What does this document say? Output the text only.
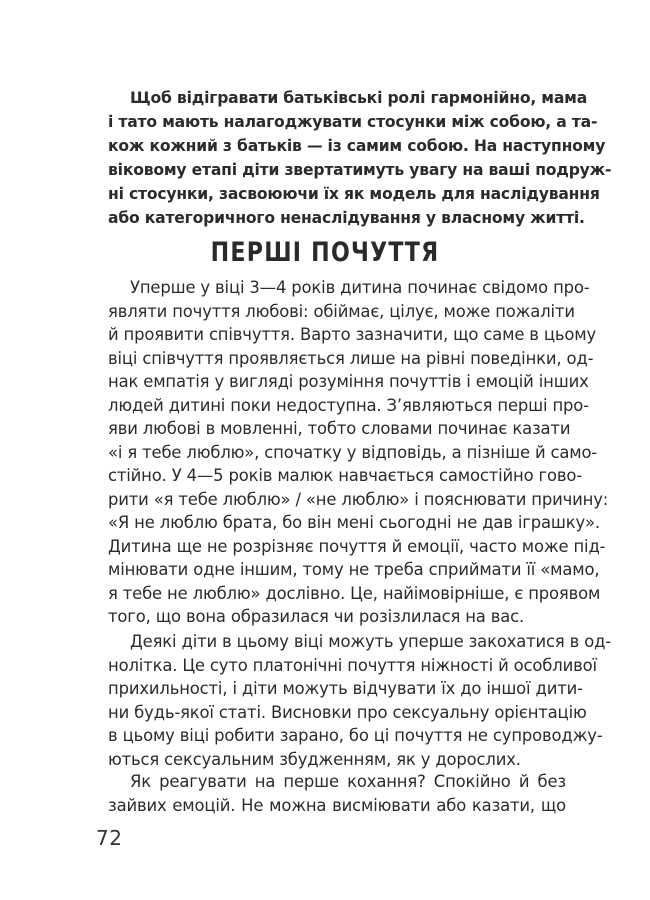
Щоб відігравати батьківські ролі гармонійно, мама
і тато мають налагоджувати стосунки між собою, а та-
кож кожний з батьків — із самим собою. На наступному
віковому етапі діти звертатимуть увагу на ваші подруж-
ні стосунки, засвоюючи їх як модель для наслідування
або категоричного ненаслідування у власному житті.
ПЕРШІ ПОЧУТТЯ
Уперше у віці 3—4 років дитина починає свідомо про-
являти почуття любові: обіймає, цілує, може пожаліти
й проявити співчуття. Варто зазначити, що саме в цьому
віці співчуття проявляється лише на рівні поведінки, од-
нак емпатія у вигляді розуміння почуттів і емоцій інших
людей дитині поки недоступна. З’являються перші про-
яви любові в мовленні, тобто словами починає казати
«і я тебе люблю», спочатку у відповідь, а пізніше й само-
стійно. У 4—5 років малюк навчається самостійно гово-
рити «я тебе люблю» / «не люблю» і пояснювати причину:
«Я не люблю брата, бо він мені сьогодні не дав іграшку».
Дитина ще не розрізняє почуття й емоції, часто може під-
мінювати одне іншим, тому не треба сприймати її «мамо,
я тебе не люблю» дослівно. Це, найімовірніше, є проявом
того, що вона образилася чи розізлилася на вас.
Деякі діти в цьому віці можуть уперше закохатися в од-
нолітка. Це суто платонічні почуття ніжності й особливої
прихильності, і діти можуть відчувати їх до іншої дити-
ни будь-якої статі. Висновки про сексуальну орієнтацію
в цьому віці робити зарано, бо ці почуття не супроводжу-
ються сексуальним збудженням, як у дорослих.
Як реагувати на перше кохання? Спокійно й без
зайвих емоцій. Не можна висміювати або казати, що
72
